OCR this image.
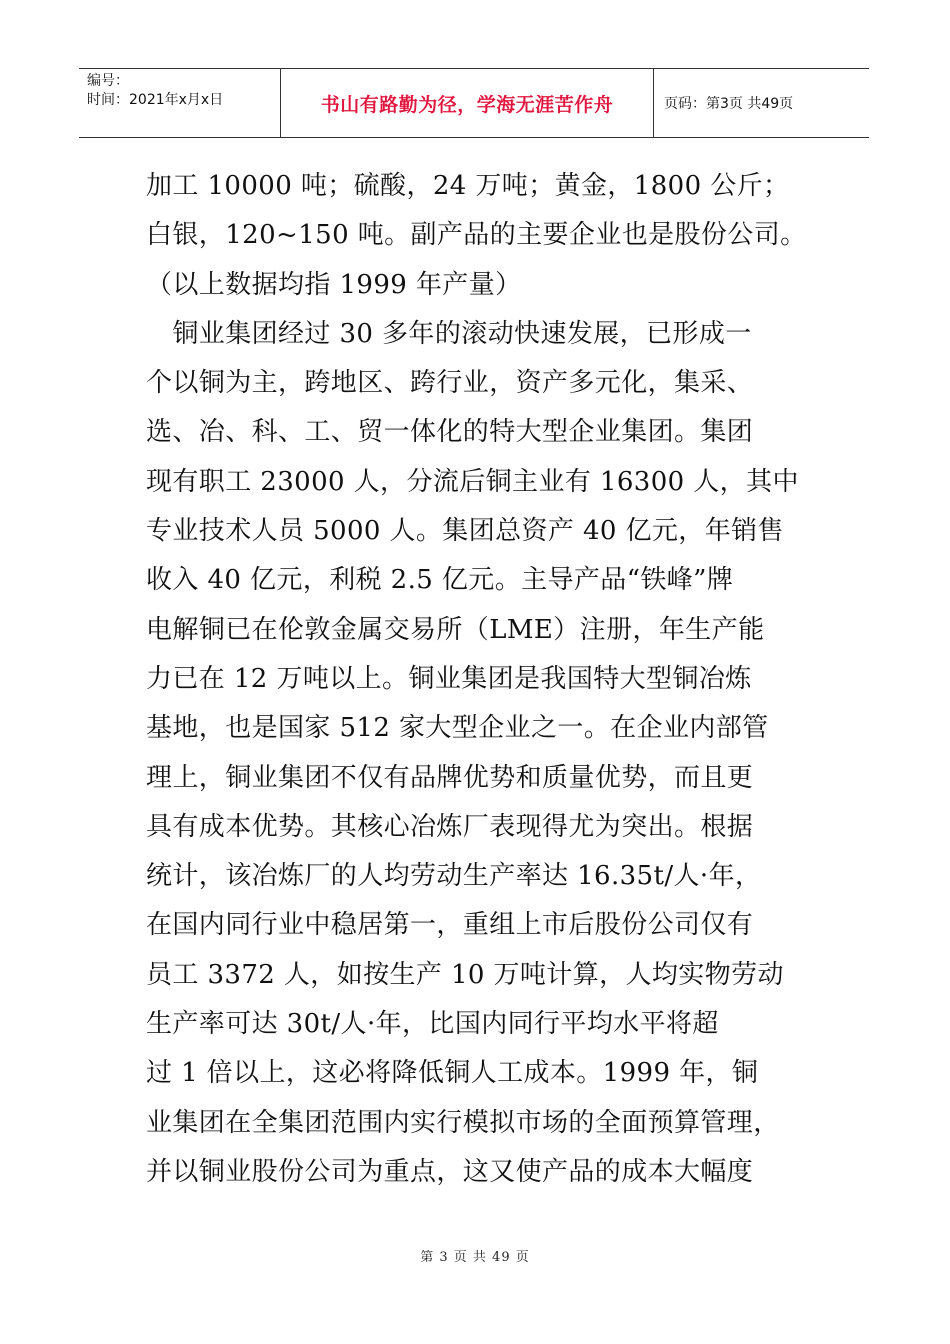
编号：
时间：2021年x月x日	书山有路勤为径，学海无涯苦作舟	页码：第3页 共49页
加工 10000 吨；硫酸，24 万吨；黄金，1800 公斤；
白银，120~150 吨。副产品的主要企业也是股份公司。
（以上数据均指 1999 年产量）
　铜业集团经过 30 多年的滚动快速发展，已形成一
个以铜为主，跨地区、跨行业，资产多元化，集采、
选、冶、科、工、贸一体化的特大型企业集团。集团
现有职工 23000 人，分流后铜主业有 16300 人，其中
专业技术人员 5000 人。集团总资产 40 亿元，年销售
收入 40 亿元，利税 2.5 亿元。主导产品“铁峰”牌
电解铜已在伦敦金属交易所（LME）注册，年生产能
力已在 12 万吨以上。铜业集团是我国特大型铜冶炼
基地，也是国家 512 家大型企业之一。在企业内部管
理上，铜业集团不仅有品牌优势和质量优势，而且更
具有成本优势。其核心冶炼厂表现得尤为突出。根据
统计，该冶炼厂的人均劳动生产率达 16.35t/人·年，
在国内同行业中稳居第一，重组上市后股份公司仅有
员工 3372 人，如按生产 10 万吨计算，人均实物劳动
生产率可达 30t/人·年，比国内同行平均水平将超
过 1 倍以上，这必将降低铜人工成本。1999 年，铜
业集团在全集团范围内实行模拟市场的全面预算管理，
并以铜业股份公司为重点，这又使产品的成本大幅度
第 3 页 共 49 页
